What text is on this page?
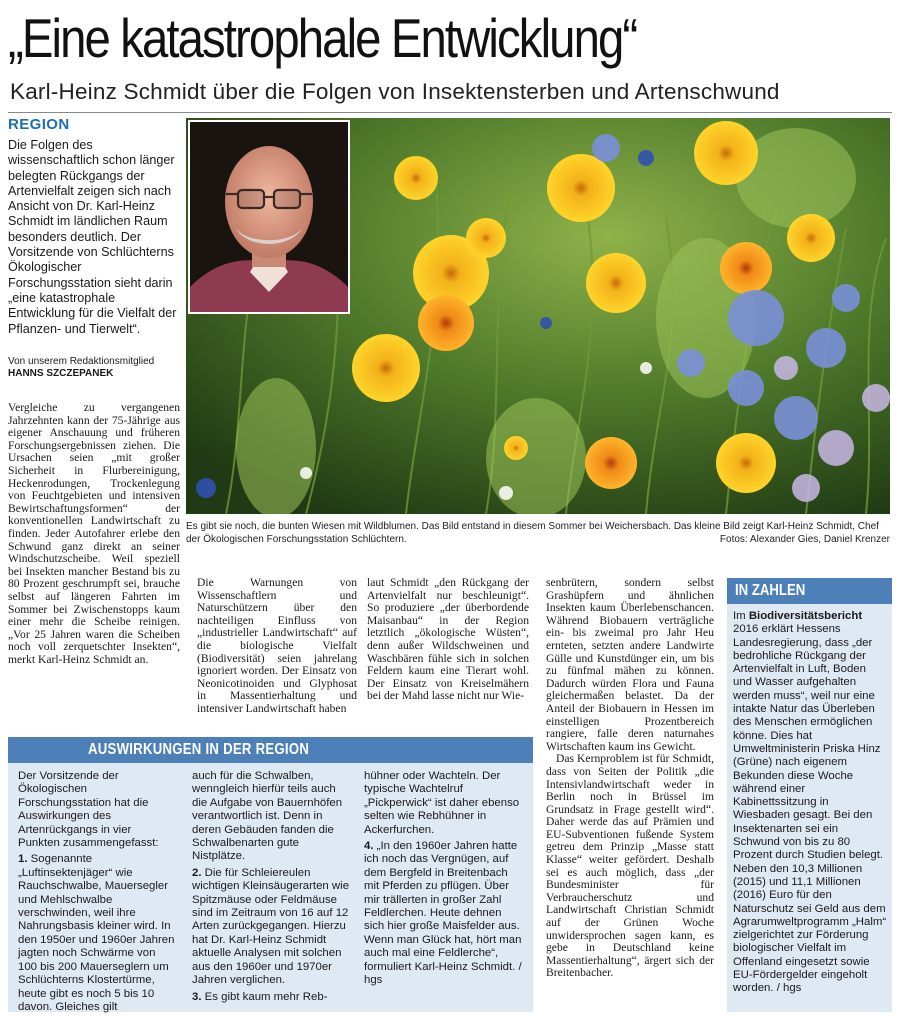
„Eine katastrophale Entwicklung“
Karl-Heinz Schmidt über die Folgen von Insektensterben und Artenschwund
REGION

Die Folgen des wissenschaftlich schon länger belegten Rückgangs der Artenvielfalt zeigen sich nach Ansicht von Dr. Karl-Heinz Schmidt im ländlichen Raum besonders deutlich. Der Vorsitzende von Schlüchterns Ökologischer Forschungsstation sieht darin „eine katastrophale Entwicklung für die Vielfalt der Pflanzen- und Tierwelt“.

Von unserem Redaktionsmitglied
HANNS SZCZEPANEK

Vergleiche zu vergangenen Jahrzehnten kann der 75-Jährige aus eigener Anschauung und früheren Forschungsergebnissen ziehen. Die Ursachen seien „mit großer Sicherheit in Flurbereinigung, Heckenrodungen, Trockenlegung von Feuchtgebieten und intensiven Bewirtschaftungsformen“ der konventionellen Landwirtschaft zu finden. Jeder Autofahrer erlebe den Schwund ganz direkt an seiner Windschutzscheibe. Weil speziell bei Insekten mancher Bestand bis zu 80 Prozent geschrumpft sei, brauche selbst auf längeren Fahrten im Sommer bei Zwischenstopps kaum einer mehr die Scheibe reinigen. „Vor 25 Jahren waren die Scheiben noch voll zerquetschter Insekten“, merkt Karl-Heinz Schmidt an.

Es gibt sie noch, die bunten Wiesen mit Wildblumen. Das Bild entstand in diesem Sommer bei Weichersbach. Das kleine Bild zeigt Karl-Heinz Schmidt, Chef der Ökologischen Forschungsstation Schlüchtern.	Fotos: Alexander Gies, Daniel Krenzer

Die Warnungen von Wissenschaftlern und Naturschützern über den nachteiligen Einfluss von „industrieller Landwirtschaft“ auf die biologische Vielfalt (Biodiversität) seien jahrelang ignoriert worden. Der Einsatz von Neonicotinoiden und Glyphosat in Massentierhaltung und intensiver Landwirtschaft haben

laut Schmidt „den Rückgang der Artenvielfalt nur beschleunigt“. So produziere „der überbordende Maisanbau“ in der Region letztlich „ökologische Wüsten“, denn außer Wildschweinen und Waschbären fühle sich in solchen Feldern kaum eine Tierart wohl. Der Einsatz von Kreiselmähern bei der Mahd lasse nicht nur Wie-

senbrütern, sondern selbst Grashüpfern und ähnlichen Insekten kaum Überlebenschancen. Während Biobauern verträgliche ein- bis zweimal pro Jahr Heu ernteten, setzten andere Landwirte Gülle und Kunstdünger ein, um bis zu fünfmal mähen zu können. Dadurch würden Flora und Fauna gleichermaßen belastet. Da der Anteil der Biobauern in Hessen im einstelligen Prozentbereich rangiere, falle deren naturnahes Wirtschaften kaum ins Gewicht.

Das Kernproblem ist für Schmidt, dass von Seiten der Politik „die Intensivlandwirtschaft weder in Berlin noch in Brüssel im Grundsatz in Frage gestellt wird“. Daher werde das auf Prämien und EU-Subventionen fußende System getreu dem Prinzip „Masse statt Klasse“ weiter gefördert. Deshalb sei es auch möglich, dass „der Bundesminister für Verbraucherschutz und Landwirtschaft Christian Schmidt auf der Grünen Woche unwidersprochen sagen kann, es gebe in Deutschland keine Massentierhaltung“, ärgert sich der Breitenbacher.

AUSWIRKUNGEN IN DER REGION

Der Vorsitzende der Ökologischen Forschungsstation hat die Auswirkungen des Artenrückgangs in vier Punkten zusammengefasst:

1. Sogenannte „Luftinsektenjäger“ wie Rauchschwalbe, Mauersegler und Mehlschwalbe verschwinden, weil ihre Nahrungsbasis kleiner wird. In den 1950er und 1960er Jahren jagten noch Schwärme von 100 bis 200 Mauerseglern um Schlüchterns Klostertürme, heute gibt es noch 5 bis 10 davon. Gleiches gilt

auch für die Schwalben, wenngleich hierfür teils auch die Aufgabe von Bauernhöfen verantwortlich ist. Denn in deren Gebäuden fanden die Schwalbenarten gute Nistplätze.

2. Die für Schleiereulen wichtigen Kleinsäugerarten wie Spitzmäuse oder Feldmäuse sind im Zeitraum von 16 auf 12 Arten zurückgegangen. Hierzu hat Dr. Karl-Heinz Schmidt aktuelle Analysen mit solchen aus den 1960er und 1970er Jahren verglichen.

3. Es gibt kaum mehr Reb-

hühner oder Wachteln. Der typische Wachtelruf „Pickperwick“ ist daher ebenso selten wie Rebhühner in Ackerfurchen.

4. „In den 1960er Jahren hatte ich noch das Vergnügen, auf dem Bergfeld in Breitenbach mit Pferden zu pflügen. Über mir trällerten in großer Zahl Feldlerchen. Heute dehnen sich hier große Maisfelder aus. Wenn man Glück hat, hört man auch mal eine Feldlerche“, formuliert Karl-Heinz Schmidt. / hgs

IN ZAHLEN
Im Biodiversitätsbericht 2016 erklärt Hessens Landesregierung, dass „der bedrohliche Rückgang der Artenvielfalt in Luft, Boden und Wasser aufgehalten werden muss“, weil nur eine intakte Natur das Überleben des Menschen ermöglichen könne. Dies hat Umweltministerin Priska Hinz (Grüne) nach eigenem Bekunden diese Woche während einer Kabinettssitzung in Wiesbaden gesagt. Bei den Insektenarten sei ein Schwund von bis zu 80 Prozent durch Studien belegt. Neben den 10,3 Millionen (2015) und 11,1 Millionen (2016) Euro für den Naturschutz sei Geld aus dem Agrarumweltprogramm „Halm“ zielgerichtet zur Förderung biologischer Vielfalt im Offenland eingesetzt sowie EU-Fördergelder eingeholt worden. / hgs
